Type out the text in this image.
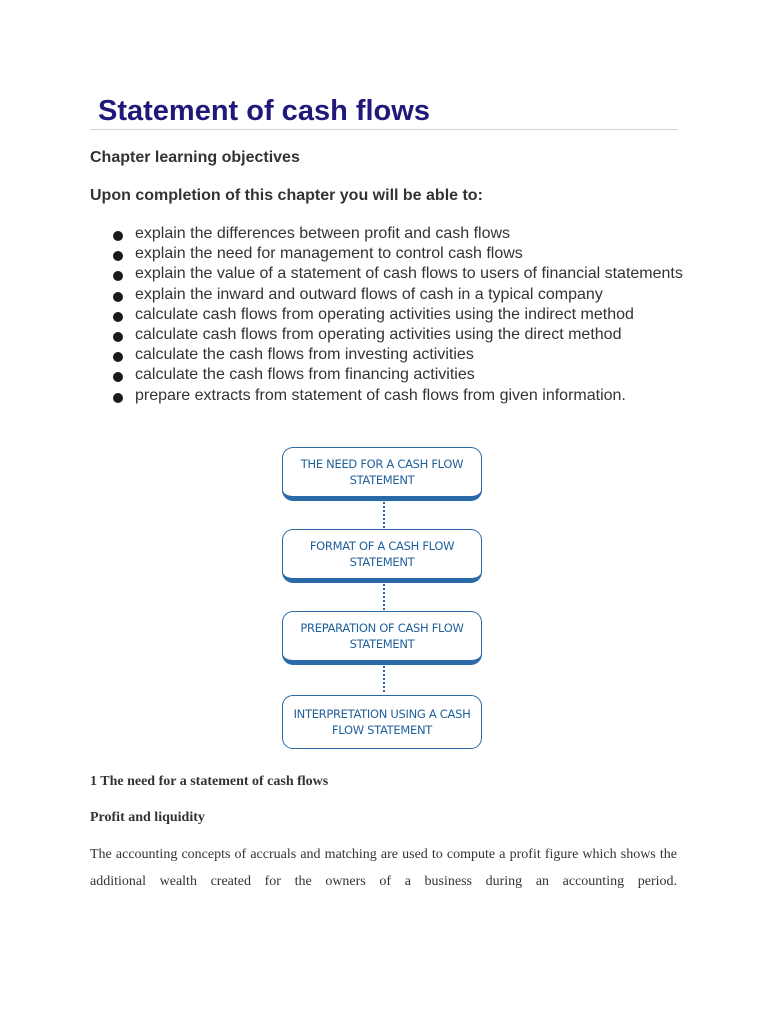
Statement of cash flows
Chapter learning objectives
Upon completion of this chapter you will be able to:
explain the differences between profit and cash flows
explain the need for management to control cash flows
explain the value of a statement of cash flows to users of financial statements
explain the inward and outward flows of cash in a typical company
calculate cash flows from operating activities using the indirect method
calculate cash flows from operating activities using the direct method
calculate the cash flows from investing activities
calculate the cash flows from financing activities
prepare extracts from statement of cash flows from given information.
THE NEED FOR A CASH FLOW STATEMENT
FORMAT OF A CASH FLOW STATEMENT
PREPARATION OF CASH FLOW STATEMENT
INTERPRETATION USING A CASH FLOW STATEMENT
1 The need for a statement of cash flows
Profit and liquidity

The accounting concepts of accruals and matching are used to compute a profit figure which shows the additional wealth created for the owners of a business during an accounting period.
